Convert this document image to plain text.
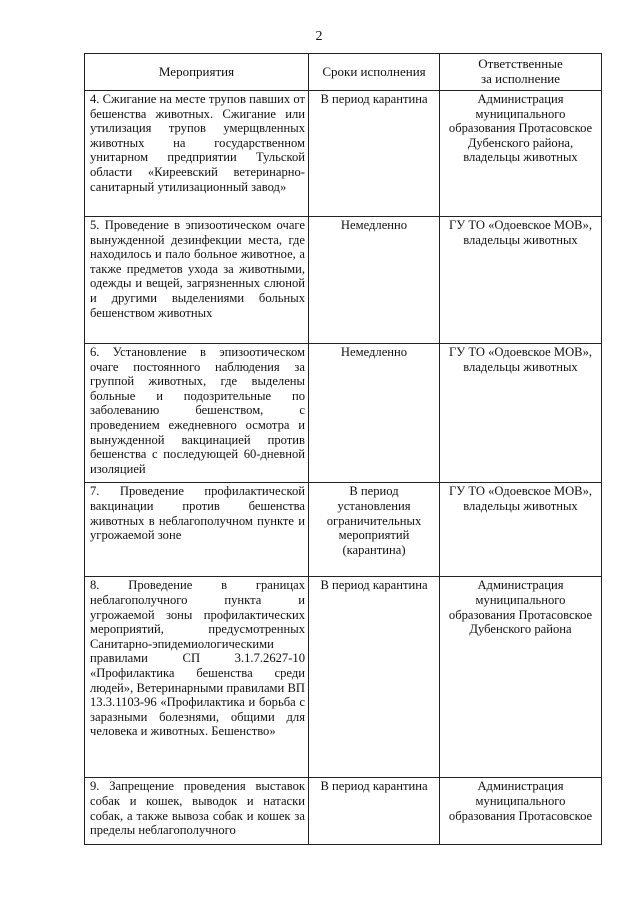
2
Мероприятия	Сроки исполнения	Ответственные
за исполнение
4. Сжигание на месте трупов павших от бешенства животных. Сжигание или утилизация трупов умерщвленных животных на государственном унитарном предприятии Тульской области «Киреевский ветеринарно-санитарный утилизационный завод»	В период карантина	Администрация муниципального образования Протасовское Дубенского района, владельцы животных
5. Проведение в эпизоотическом очаге вынужденной дезинфекции места, где находилось и пало больное животное, а также предметов ухода за животными, одежды и вещей, загрязненных слюной и другими выделениями больных бешенством животных	Немедленно	ГУ ТО «Одоевское МОВ», владельцы животных
6. Установление в эпизоотическом очаге постоянного наблюдения за группой животных, где выделены больные и подозрительные по заболеванию бешенством, с проведением ежедневного осмотра и вынужденной вакцинацией против бешенства с последующей 60-дневной изоляцией	Немедленно	ГУ ТО «Одоевское МОВ», владельцы животных
7. Проведение профилактической вакцинации против бешенства животных в неблагополучном пункте и угрожаемой зоне	В период установления ограничительных мероприятий (карантина)	ГУ ТО «Одоевское МОВ», владельцы животных
8. Проведение в границах неблагополучного пункта и угрожаемой зоны профилактических мероприятий, предусмотренных Санитарно-эпидемиологическими правилами СП 3.1.7.2627-10 «Профилактика бешенства среди людей», Ветеринарными правилами ВП 13.3.1103-96 «Профилактика и борьба с заразными болезнями, общими для человека и животных. Бешенство»	В период карантина	Администрация муниципального образования Протасовское Дубенского района
9. Запрещение проведения выставок собак и кошек, выводок и натаски собак, а также вывоза собак и кошек за пределы неблагополучного	В период карантина	Администрация муниципального образования Протасовское
